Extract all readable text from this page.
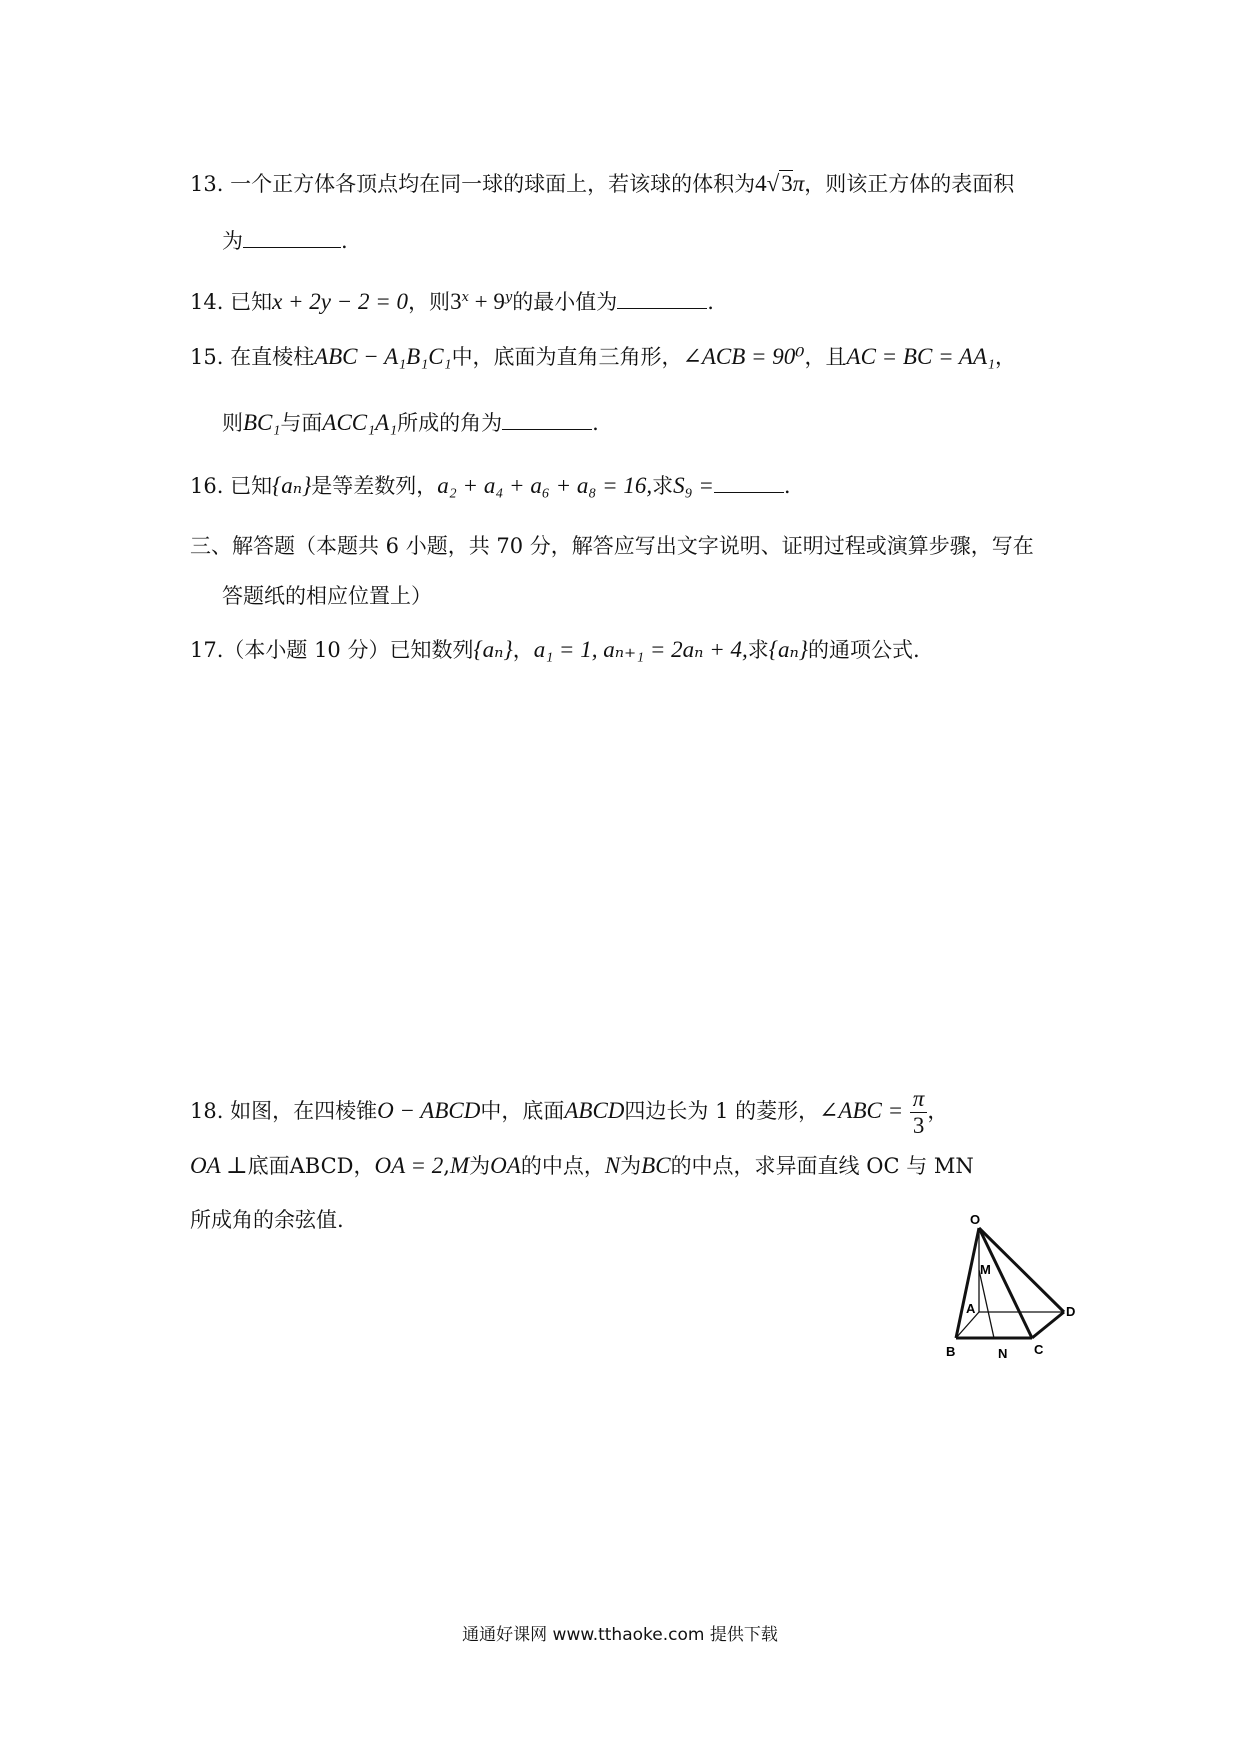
13. 一个正方体各顶点均在同一球的球面上，若该球的体积为4√3π，则该正方体的表面积
为	.
14. 已知x + 2y − 2 = 0，则$3^x + 9^y$的最小值为	.
15. 在直棱柱ABC − A₁B₁C₁中，底面为直角三角形，∠ACB = 90⁰，且AC = BC = AA₁，
则BC₁与面ACC₁A₁所成的角为	.
16. 已知{aₙ}是等差数列，a₂ + a₄ + a₆ + a₈ = 16,求S₉ =	.
三、解答题（本题共 6 小题，共 70 分，解答应写出文字说明、证明过程或演算步骤，写在
答题纸的相应位置上）
17.（本小题 10 分）已知数列{aₙ}，a₁ = 1, aₙ₊₁ = 2aₙ + 4,求{aₙ}的通项公式.
18. 如图，在四棱锥O − ABCD中，底面ABCD四边长为 1 的菱形，∠ABC = $\frac{\pi}{3}$ ，
OA ⊥底面ABCD，OA = 2,M为OA的中点，N为BC的中点，求异面直线 OC 与 MN
所成角的余弦值.	O
M
A	D
B	N C
通通好课网 www.tthaoke.com 提供下载
